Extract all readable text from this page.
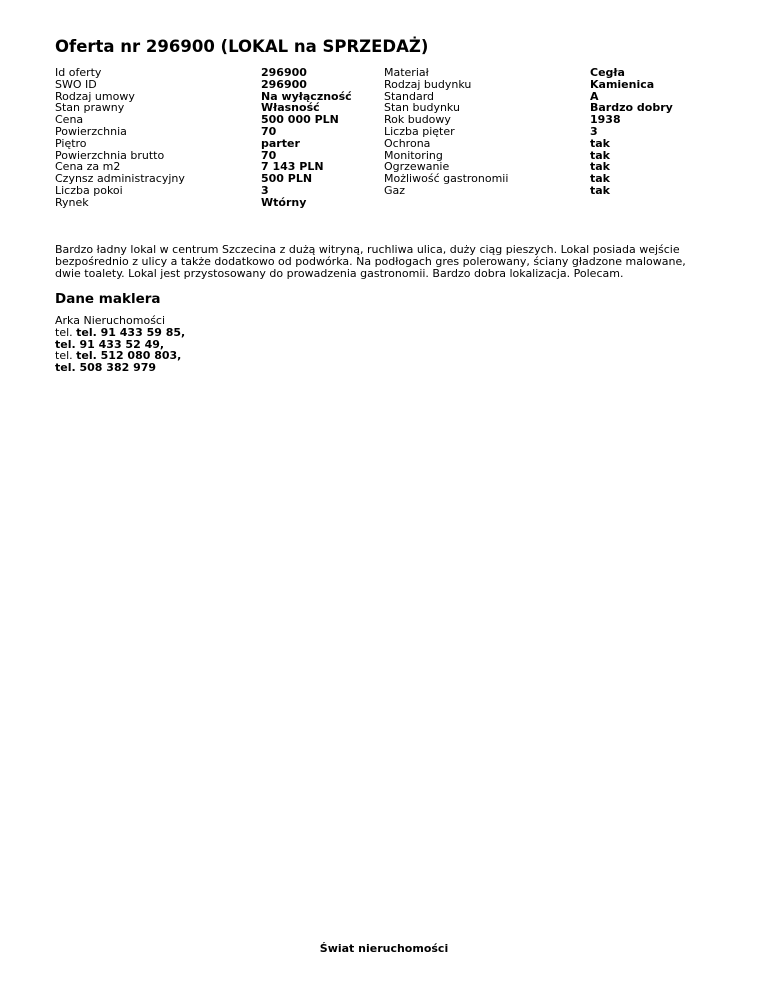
Oferta nr 296900 (LOKAL na SPRZEDAŻ)
Id oferty
SWO ID
Rodzaj umowy
Stan prawny
Cena
Powierzchnia
Piętro
Powierzchnia brutto
Cena za m2
Czynsz administracyjny
Liczba pokoi
Rynek
296900
296900
Na wyłączność
Własność
500 000 PLN
70
parter
70
7 143 PLN
500 PLN
3
Wtórny
Materiał
Rodzaj budynku
Standard
Stan budynku
Rok budowy
Liczba pięter
Ochrona
Monitoring
Ogrzewanie
Możliwość gastronomii
Gaz
Cegła
Kamienica
A
Bardzo dobry
1938
3
tak
tak
tak
tak
tak

Bardzo ładny lokal w centrum Szczecina z dużą witryną, ruchliwa ulica, duży ciąg pieszych. Lokal posiada wejście bezpośrednio z ulicy a także dodatkowo od podwórka. Na podłogach gres polerowany, ściany gładzone malowane, dwie toalety. Lokal jest przystosowany do prowadzenia gastronomii. Bardzo dobra lokalizacja. Polecam.

Dane maklera
Arka Nieruchomości
tel. tel. 91 433 59 85,
tel. 91 433 52 49,
tel. tel. 512 080 803,
tel. 508 382 979
Świat nieruchomości
